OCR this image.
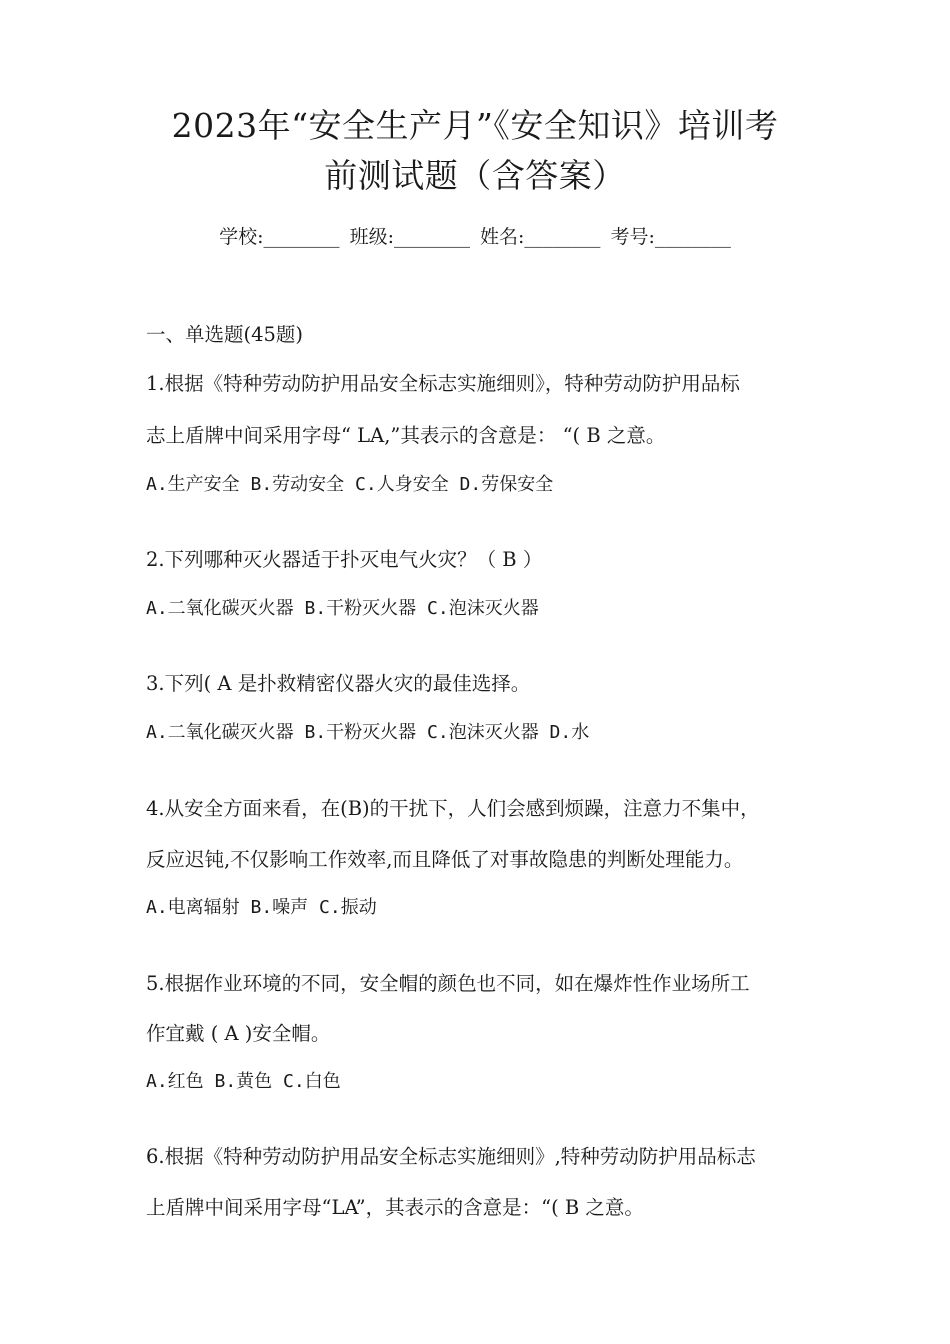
2023年“安全生产月”《安全知识》培训考
前测试题（含答案）
学校:________ 班级:________ 姓名:________ 考号:________
一、单选题(45题)
1.根据《特种劳动防护用品安全标志实施细则》，特种劳动防护用品标
志上盾牌中间采用字母“ LA,”其表示的含意是： “( B 之意。
A.生产安全 B.劳动安全 C.人身安全 D.劳保安全
2.下列哪种灭火器适于扑灭电气火灾？（ B ）
A.二氧化碳灭火器 B.干粉灭火器 C.泡沫灭火器
3.下列( A 是扑救精密仪器火灾的最佳选择。
A.二氧化碳灭火器 B.干粉灭火器 C.泡沫灭火器 D.水
4.从安全方面来看，在(B)的干扰下，人们会感到烦躁，注意力不集中，
反应迟钝,不仅影响工作效率,而且降低了对事故隐患的判断处理能力。
A.电离辐射 B.噪声 C.振动
5.根据作业环境的不同，安全帽的颜色也不同，如在爆炸性作业场所工
作宜戴 ( A )安全帽。
A.红色 B.黄色 C.白色
6.根据《特种劳动防护用品安全标志实施细则》,特种劳动防护用品标志
上盾牌中间采用字母“LA”，其表示的含意是：“( B 之意。
